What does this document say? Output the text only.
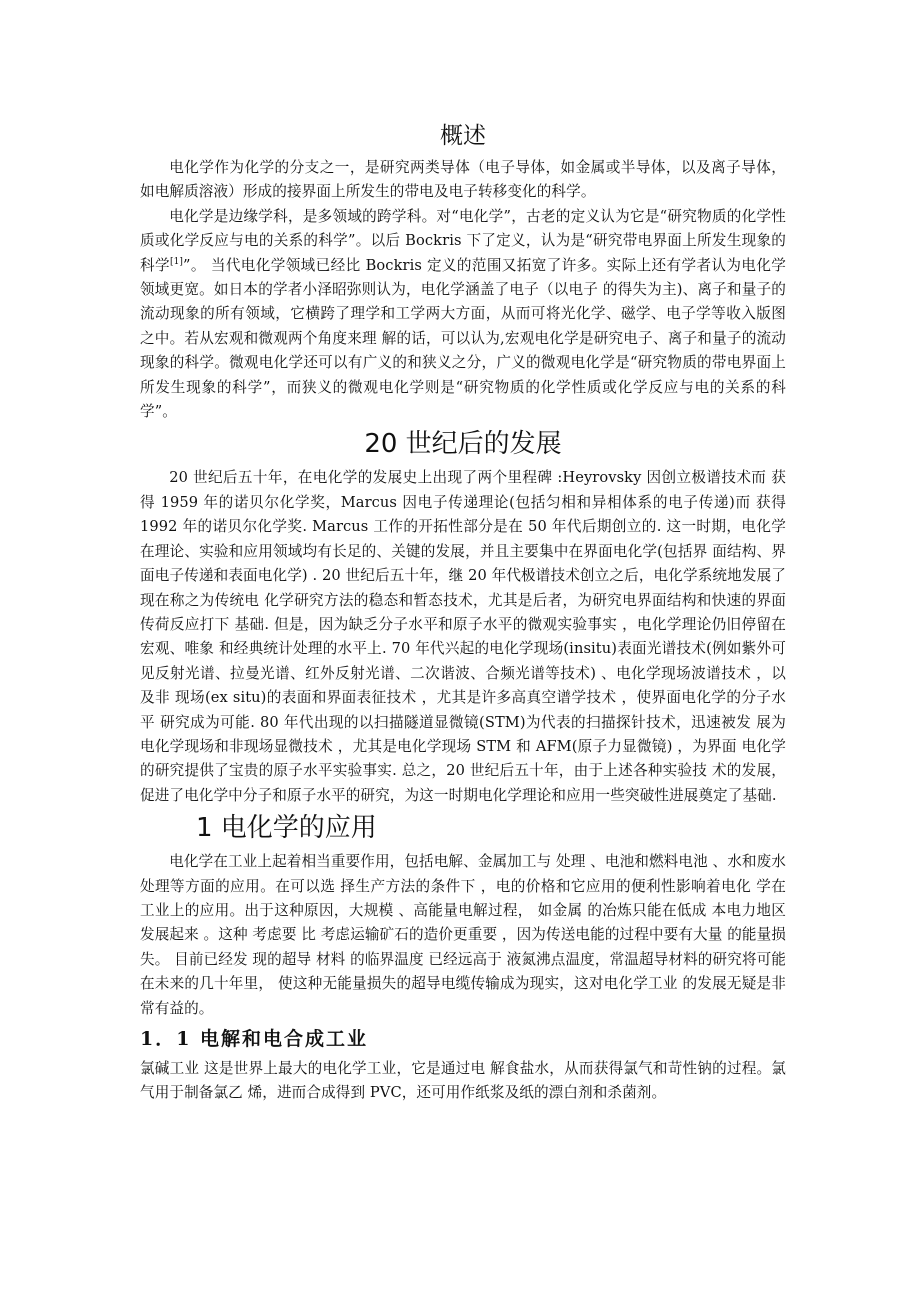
概述

电化学作为化学的分支之一，是研究两类导体（电子导体，如金属或半导体，以及离子导体，如电解质溶液）形成的接界面上所发生的带电及电子转移变化的科学。

电化学是边缘学科，是多领域的跨学科。对“电化学”，古老的定义认为它是“研究物质的化学性质或化学反应与电的关系的科学”。以后 Bockris 下了定义，认为是“研究带电界面上所发生现象的科学[1]”。 当代电化学领域已经比 Bockris 定义的范围又拓宽了许多。实际上还有学者认为电化学领域更宽。如日本的学者小泽昭弥则认为，电化学涵盖了电子（以电子 的得失为主)、离子和量子的流动现象的所有领域，它横跨了理学和工学两大方面，从而可将光化学、磁学、电子学等收入版图之中。若从宏观和微观两个角度来理 解的话，可以认为,宏观电化学是研究电子、离子和量子的流动现象的科学。微观电化学还可以有广义的和狭义之分，广义的微观电化学是“研究物质的带电界面上 所发生现象的科学”，而狭义的微观电化学则是“研究物质的化学性质或化学反应与电的关系的科学”。

20 世纪后的发展

20 世纪后五十年，在电化学的发展史上出现了两个里程碑 :Heyrovsky 因创立极谱技术而 获得 1959 年的诺贝尔化学奖，Marcus 因电子传递理论(包括匀相和异相体系的电子传递)而 获得 1992 年的诺贝尔化学奖. Marcus 工作的开拓性部分是在 50 年代后期创立的. 这一时期，电化学在理论、实验和应用领域均有长足的、关键的发展，并且主要集中在界面电化学(包括界 面结构、界面电子传递和表面电化学) . 20 世纪后五十年，继 20 年代极谱技术创立之后，电化学系统地发展了现在称之为传统电 化学研究方法的稳态和暂态技术，尤其是后者，为研究电界面结构和快速的界面传荷反应打下 基础. 但是，因为缺乏分子水平和原子水平的微观实验事实 ，电化学理论仍旧停留在宏观、唯象 和经典统计处理的水平上. 70 年代兴起的电化学现场(insitu)表面光谱技术(例如紫外可见反射光谱、拉曼光谱、红外反射光谱、二次谐波、合频光谱等技术) 、电化学现场波谱技术 ，以及非 现场(ex situ)的表面和界面表征技术 ，尤其是许多高真空谱学技术 ，使界面电化学的分子水平 研究成为可能. 80 年代出现的以扫描隧道显微镜(STM)为代表的扫描探针技术，迅速被发 展为电化学现场和非现场显微技术 ，尤其是电化学现场 STM 和 AFM(原子力显微镜) ，为界面 电化学的研究提供了宝贵的原子水平实验事实. 总之，20 世纪后五十年，由于上述各种实验技 术的发展，促进了电化学中分子和原子水平的研究，为这一时期电化学理论和应用一些突破性进展奠定了基础.

1 电化学的应用

电化学在工业上起着相当重要作用，包括电解、金属加工与 处理 、电池和燃料电池 、水和废水处理等方面的应用。在可以选 择生产方法的条件下 ，电的价格和它应用的便利性影响着电化 学在工业上的应用。出于这种原因，大规模 、高能量电解过程， 如金属 的冶炼只能在低成 本电力地区发展起来 。这种 考虑要 比 考虑运输矿石的造价更重要 ，因为传送电能的过程中要有大量 的能量损失。 目前已经发 现的超导 材料 的临界温度 已经远高于 液氮沸点温度，常温超导材料的研究将可能在未来的几十年里， 使这种无能量损失的超导电缆传输成为现实，这对电化学工业 的发展无疑是非常有益的。

1．1 电解和电合成工业

氯碱工业 这是世界上最大的电化学工业，它是通过电 解食盐水，从而获得氯气和苛性钠的过程。氯气用于制备氯乙 烯，进而合成得到 PVC，还可用作纸浆及纸的漂白剂和杀菌剂。
